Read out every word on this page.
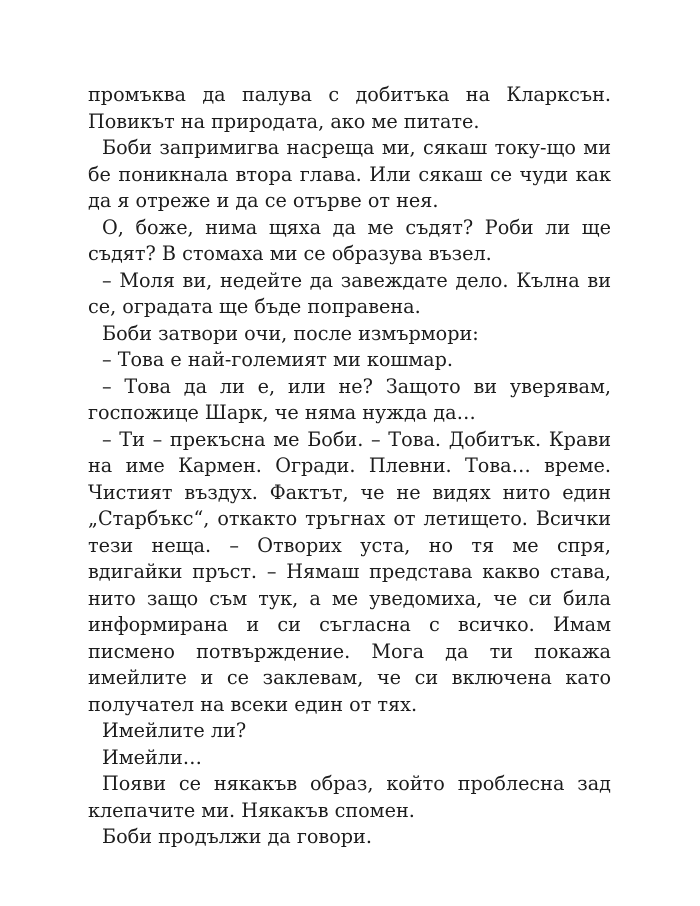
промъква да палува с добитъка на Кларксън. Повикът на природата, ако ме питате.

Боби запримигва насреща ми, сякаш току-що ми бе поникнала втора глава. Или сякаш се чуди как да я отреже и да се отърве от нея.

О, боже, нима щяха да ме съдят? Роби ли ще съдят? В стомаха ми се образува възел.

– Моля ви, недейте да завеждате дело. Кълна ви се, оградата ще бъде поправена.

Боби затвори очи, после измърмори:

– Това е най-големият ми кошмар.

– Това да ли е, или не? Защото ви уверявам, госпожице Шарк, че няма нужда да…

– Ти – прекъсна ме Боби. – Това. Добитък. Крави на име Кармен. Огради. Плевни. Това… време. Чистият въздух. Фактът, че не видях нито един „Старбъкс“, откакто тръгнах от летището. Всички тези неща. – Отворих уста, но тя ме спря, вдигайки пръст. – Нямаш представа какво става, нито защо съм тук, а ме уведомиха, че си била информирана и си съгласна с всичко. Имам писмено потвърждение. Мога да ти покажа имейлите и се заклевам, че си включена като получател на всеки един от тях.

Имейлите ли?

Имейли…

Появи се някакъв образ, който проблесна зад клепачите ми. Някакъв спомен.

Боби продължи да говори.
